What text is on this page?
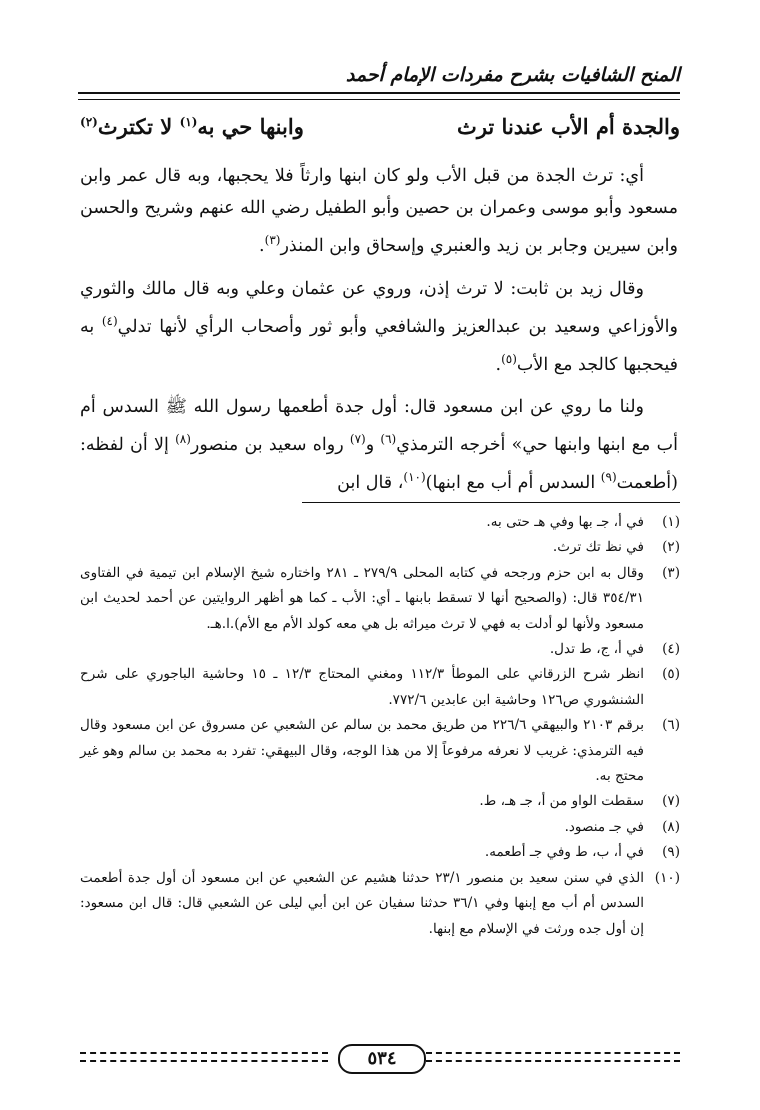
المنح الشافيات بشرح مفردات الإمام أحمد
والجدة أم الأب عندنا ترث
وابنها حي به$^{(١)}$ لا تكترث$^{(٢)}$

أي: ترث الجدة من قبل الأب ولو كان ابنها وارثاً فلا يحجبها، وبه قال عمر وابن مسعود وأبو موسى وعمران بن حصين وأبو الطفيل رضي الله عنهم وشريح والحسن وابن سيرين وجابر بن زيد والعنبري وإسحاق وابن المنذر$^{(٣)}$.

وقال زيد بن ثابت: لا ترث إذن، وروي عن عثمان وعلي وبه قال مالك والثوري والأوزاعي وسعيد بن عبدالعزيز والشافعي وأبو ثور وأصحاب الرأي لأنها تدلي$^{(٤)}$ به فيحجبها كالجد مع الأب$^{(٥)}$.

ولنا ما روي عن ابن مسعود قال: أول جدة أطعمها رسول الله ﷺ السدس أم أب مع ابنها وابنها حي» أخرجه الترمذي$^{(٦)}$ و$^{(٧)}$ رواه سعيد بن منصور$^{(٨)}$ إلا أن لفظه: (أطعمت$^{(٩)}$ السدس أم أب مع ابنها)$^{(١٠)}$، قال ابن

(١)
في أ، جـ بها وفي هـ حتى به.
(٢)
في نظ تك ترث.
(٣)
وقال به ابن حزم ورجحه في كتابه المحلى ٢٧٩/٩ ـ ٢٨١ واختاره شيخ الإسلام ابن تيمية في الفتاوى ٣٥٤/٣١ قال: (والصحيح أنها لا تسقط بابنها ـ أي: الأب ـ كما هو أظهر الروايتين عن أحمد لحديث ابن مسعود ولأنها لو أدلت به فهي لا ترث ميراثه بل هي معه كولد الأم مع الأم).ا.هـ.
(٤)
في أ، ج، ط تدل.
(٥)
انظر شرح الزرقاني على الموطأ ١١٢/٣ ومغني المحتاج ١٢/٣ ـ ١٥ وحاشية الباجوري على شرح الشنشوري ص١٢٦ وحاشية ابن عابدين ٧٧٢/٦.
(٦)
برقم ٢١٠٣ والبيهقي ٢٢٦/٦ من طريق محمد بن سالم عن الشعبي عن مسروق عن ابن مسعود وقال فيه الترمذي: غريب لا نعرفه مرفوعاً إلا من هذا الوجه، وقال البيهقي: تفرد به محمد بن سالم وهو غير محتج به.
(٧)
سقطت الواو من أ، جـ هـ، ط.
(٨)
في جـ منصود.
(٩)
في أ، ب، ط وفي جـ أطعمه.
(١٠)
الذي في سنن سعيد بن منصور ٢٣/١ حدثنا هشيم عن الشعبي عن ابن مسعود أن أول جدة أطعمت السدس أم أب مع إبنها وفي ٣٦/١ حدثنا سفيان عن ابن أبي ليلى عن الشعبي قال: قال ابن مسعود: إن أول جده ورثت في الإسلام مع إبنها.
٥٣٤
